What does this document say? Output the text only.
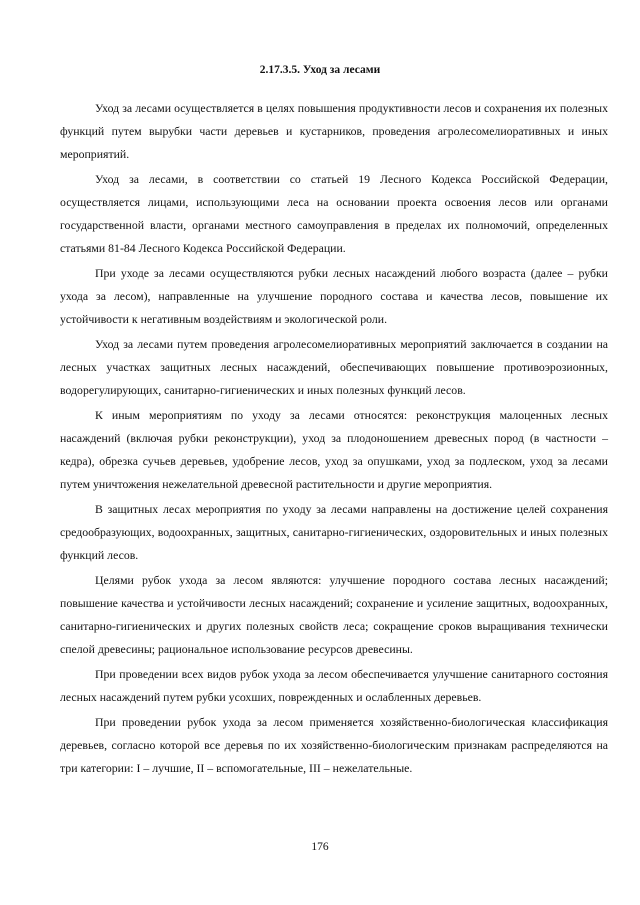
2.17.3.5. Уход за лесами

Уход за лесами осуществляется в целях повышения продуктивности лесов и сохранения их полезных функций путем вырубки части деревьев и кустарников, проведения агролесомелиоративных и иных мероприятий.

Уход за лесами, в соответствии со статьей 19 Лесного Кодекса Российской Федерации, осуществляется лицами, использующими леса на основании проекта освоения лесов или органами государственной власти, органами местного самоуправления в пределах их полномочий, определенных статьями 81-84 Лесного Кодекса Российской Федерации.

При уходе за лесами осуществляются рубки лесных насаждений любого возраста (далее – рубки ухода за лесом), направленные на улучшение породного состава и качества лесов, повышение их устойчивости к негативным воздействиям и экологической роли.

Уход за лесами путем проведения агролесомелиоративных мероприятий заключается в создании на лесных участках защитных лесных насаждений, обеспечивающих повышение противоэрозионных, водорегулирующих, санитарно-гигиенических и иных полезных функций лесов.

К иным мероприятиям по уходу за лесами относятся: реконструкция малоценных лесных насаждений (включая рубки реконструкции), уход за плодоношением древесных пород (в частности – кедра), обрезка сучьев деревьев, удобрение лесов, уход за опушками, уход за подлеском, уход за лесами путем уничтожения нежелательной древесной растительности и другие мероприятия.

В защитных лесах мероприятия по уходу за лесами направлены на достижение целей сохранения средообразующих, водоохранных, защитных, санитарно-гигиенических, оздоровительных и иных полезных функций лесов.

Целями рубок ухода за лесом являются: улучшение породного состава лесных насаждений; повышение качества и устойчивости лесных насаждений; сохранение и усиление защитных, водоохранных, санитарно-гигиенических и других полезных свойств леса; сокращение сроков выращивания технически спелой древесины; рациональное использование ресурсов древесины.

При проведении всех видов рубок ухода за лесом обеспечивается улучшение санитарного состояния лесных насаждений путем рубки усохших, поврежденных и ослабленных деревьев.

При проведении рубок ухода за лесом применяется хозяйственно-биологическая классификация деревьев, согласно которой все деревья по их хозяйственно-биологическим признакам распределяются на три категории: I – лучшие, II – вспомогательные, III – нежелательные.

176
